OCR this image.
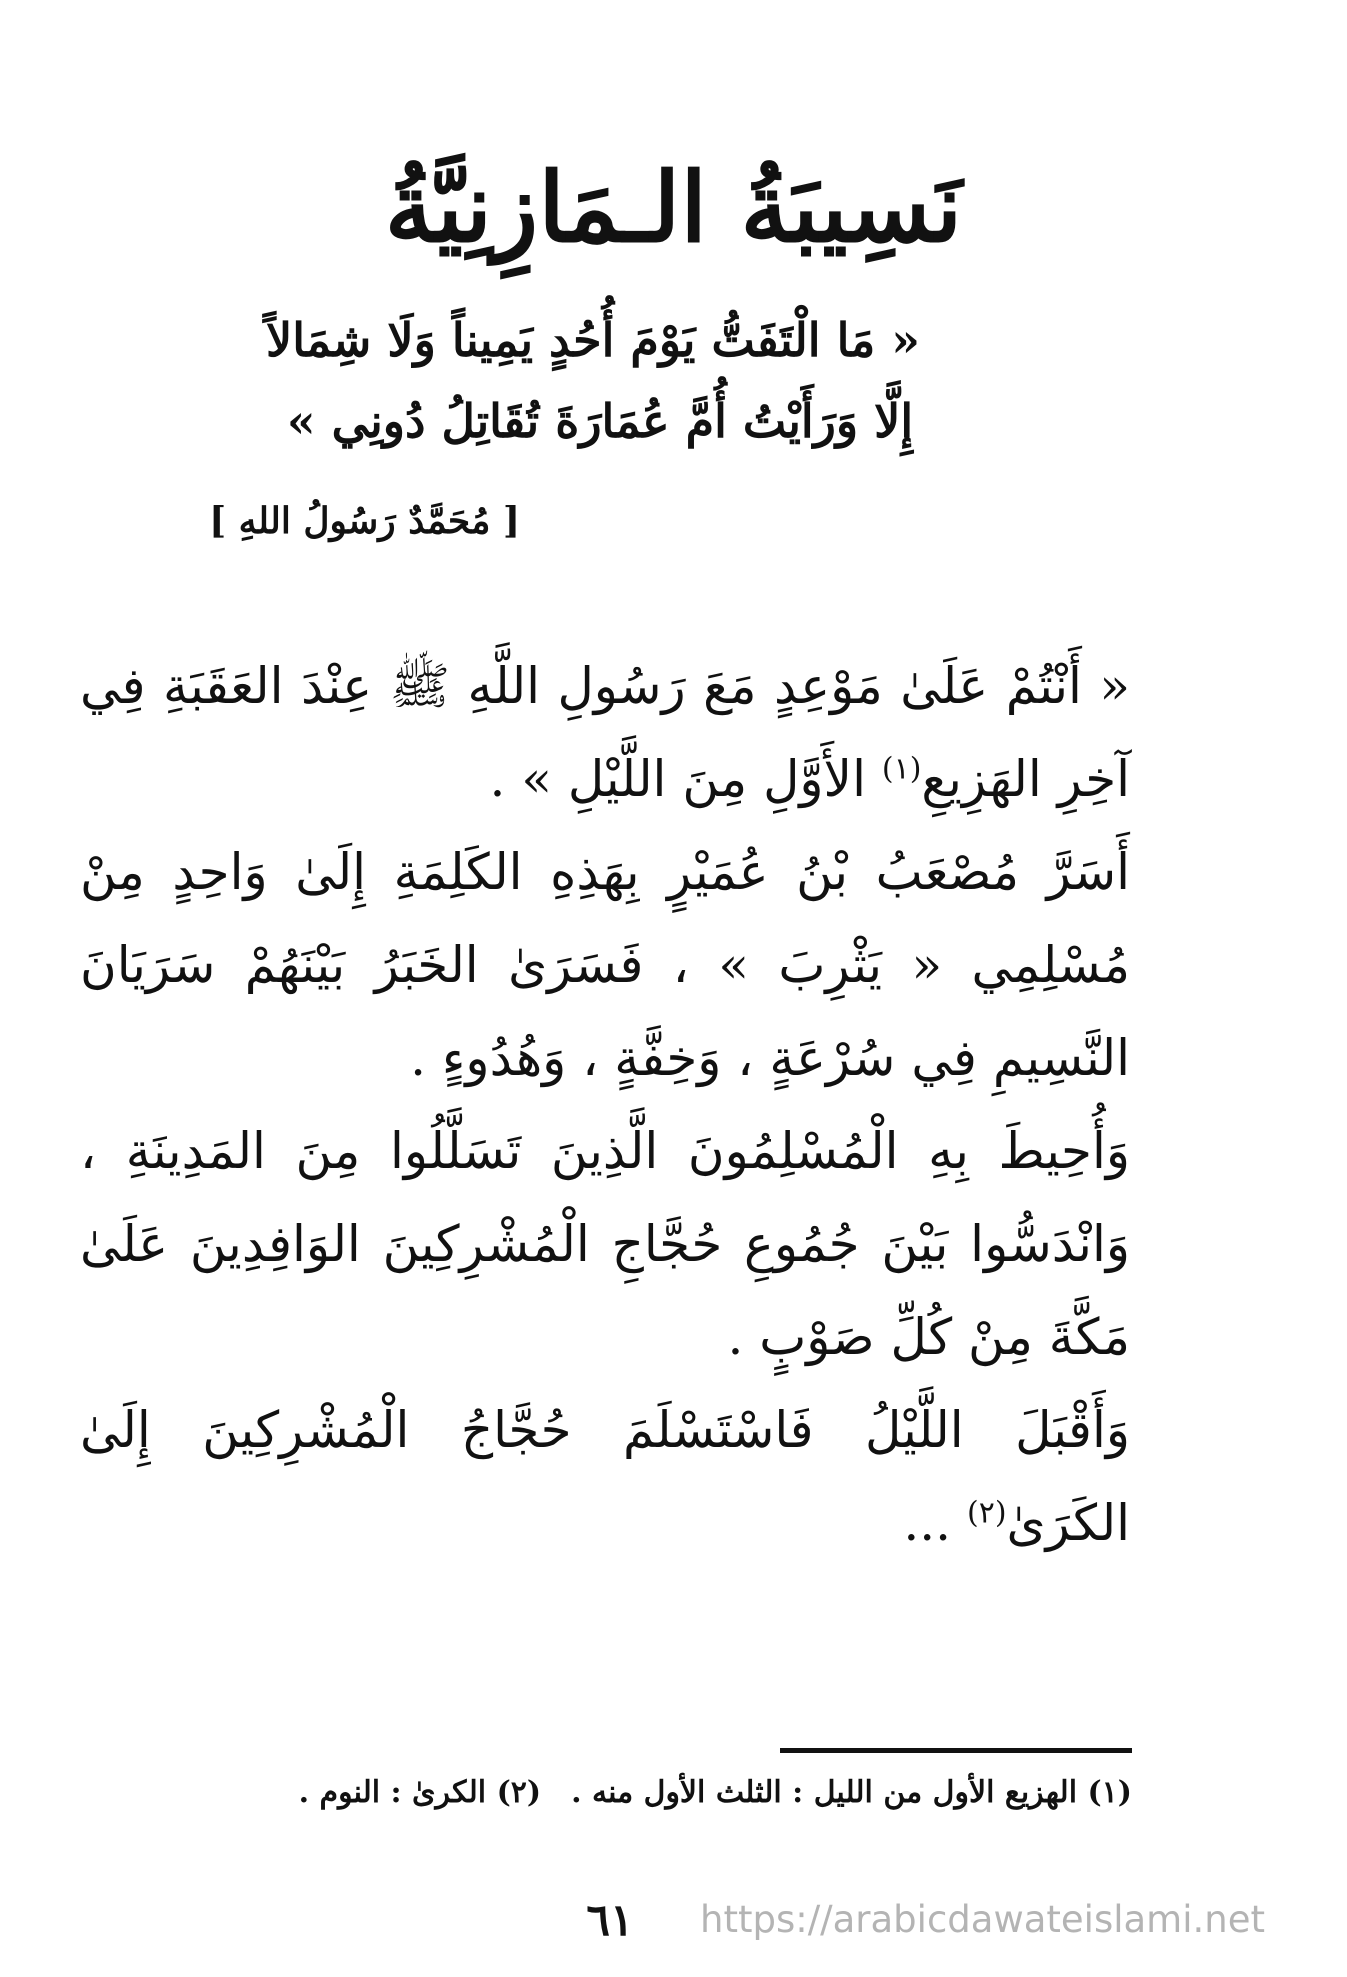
نَسِيبَةُ الـمَازِنِيَّةُ
« مَا الْتَفَتُّ يَوْمَ أُحُدٍ يَمِيناً وَلَا شِمَالاً
إِلَّا وَرَأَيْتُ أُمَّ عُمَارَةَ تُقَاتِلُ دُونِي »
[ مُحَمَّدٌ رَسُولُ اللهِ ]

« أَنْتُمْ عَلَىٰ مَوْعِدٍ مَعَ رَسُولِ اللَّهِ ﷺ عِنْدَ العَقَبَةِ فِي آخِرِ الهَزِيعِ$^{(١)}$ الأَوَّلِ مِنَ اللَّيْلِ » .

أَسَرَّ مُصْعَبُ بْنُ عُمَيْرٍ بِهَذِهِ الكَلِمَةِ إِلَىٰ وَاحِدٍ مِنْ مُسْلِمِي « يَثْرِبَ » ، فَسَرَىٰ الخَبَرُ بَيْنَهُمْ سَرَيَانَ النَّسِيمِ فِي سُرْعَةٍ ، وَخِفَّةٍ ، وَهُدُوءٍ .

وَأُحِيطَ بِهِ الْمُسْلِمُونَ الَّذِينَ تَسَلَّلُوا مِنَ المَدِينَةِ ، وَانْدَسُّوا بَيْنَ جُمُوعِ حُجَّاجِ الْمُشْرِكِينَ الوَافِدِينَ عَلَىٰ مَكَّةَ مِنْ كُلِّ صَوْبٍ .

وَأَقْبَلَ اللَّيْلُ فَاسْتَسْلَمَ حُجَّاجُ الْمُشْرِكِينَ إِلَىٰ الكَرَىٰ$^{(٢)}$ ...

(١) الهزيع الأول من الليل : الثلث الأول منه .(٢) الكرىٰ : النوم .
٦١	https://arabicdawateislami.net
